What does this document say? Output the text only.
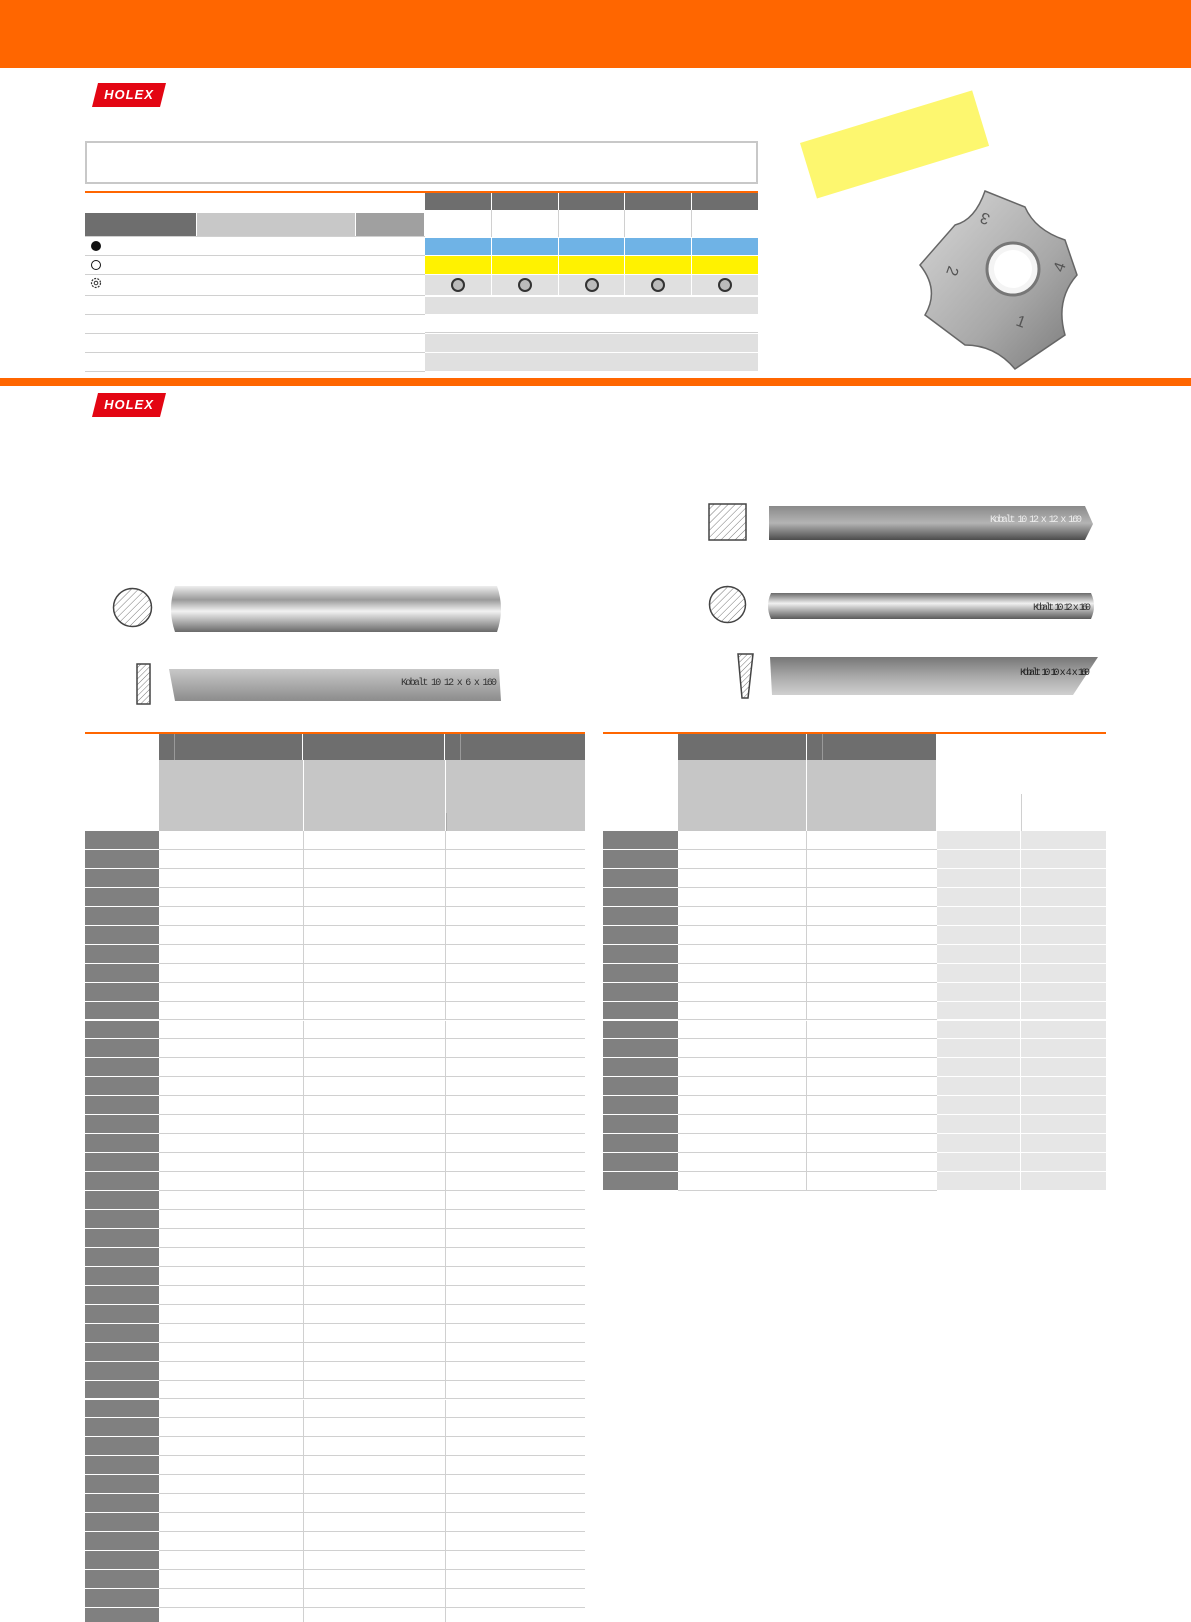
HOLEX
3
2	4
1
HOLEX
Kobalt 10 12 x 6 x 160
Kobalt 10 12 x 12 x 160
Kobalt 10 12 x 160
Kobalt 10 10 x 4 x 160
